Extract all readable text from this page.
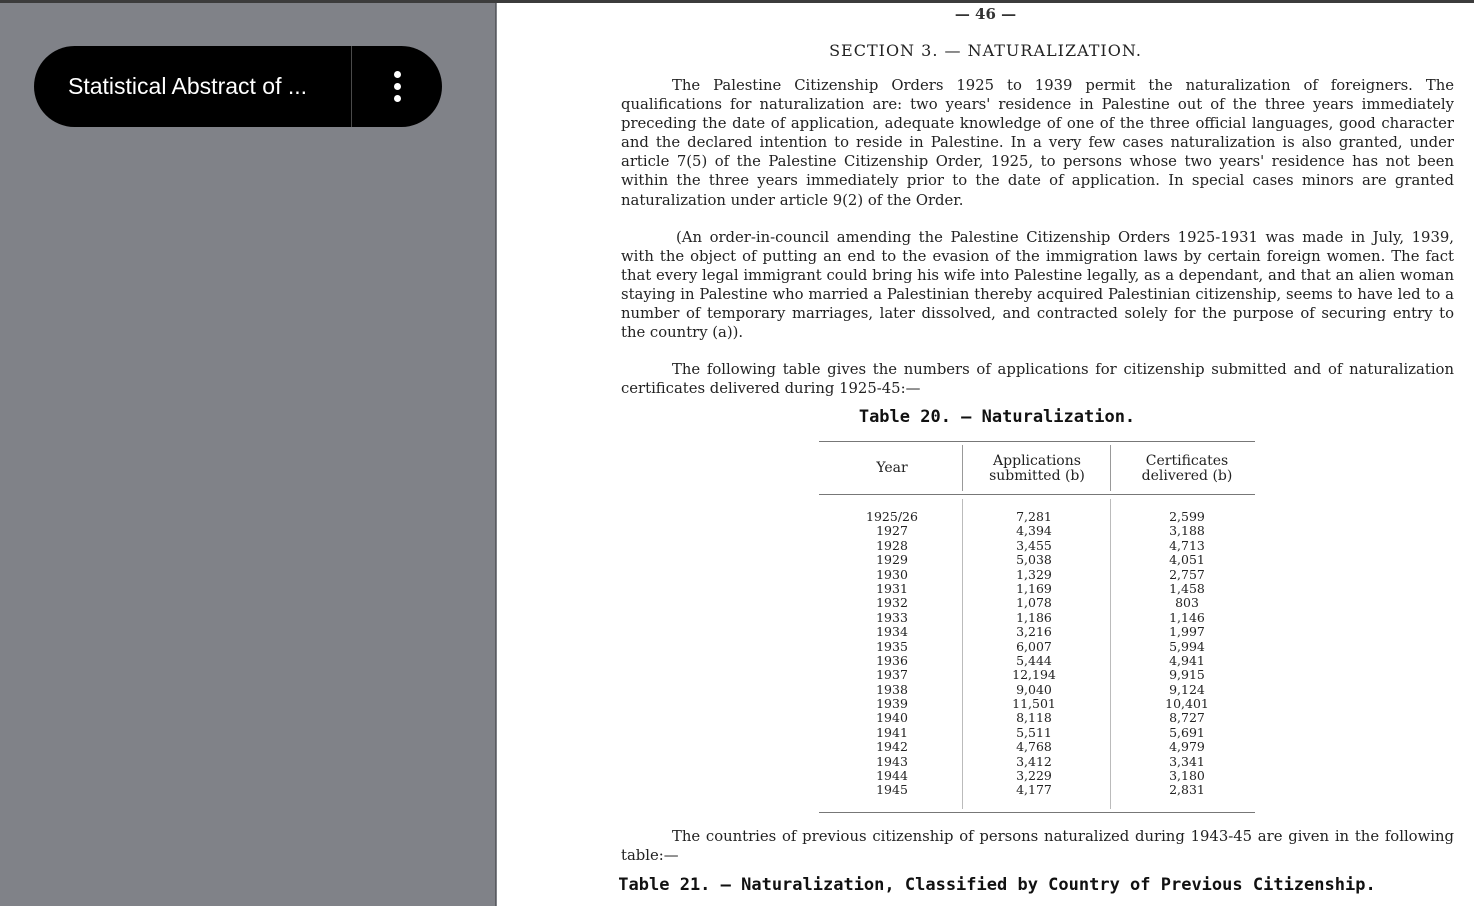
Statistical Abstract of ...
— 46 —
SECTION 3. — NATURALIZATION.

The Palestine Citizenship Orders 1925 to 1939 permit the naturalization of foreigners. The qualifications for naturalization are: two years' residence in Palestine out of the three years immediately preceding the date of application, adequate knowledge of one of the three official languages, good character and the declared intention to reside in Palestine. In a very few cases naturalization is also granted, under article 7(5) of the Palestine Citizenship Order, 1925, to persons whose two years' residence has not been within the three years immediately prior to the date of application. In special cases minors are granted naturalization under article 9(2) of the Order.

(An order-in-council amending the Palestine Citizenship Orders 1925-1931 was made in July, 1939, with the object of putting an end to the evasion of the immigration laws by certain foreign women. The fact that every legal immigrant could bring his wife into Palestine legally, as a dependant, and that an alien woman staying in Palestine who married a Palestinian thereby acquired Palestinian citizenship, seems to have led to a number of temporary marriages, later dissolved, and contracted solely for the purpose of securing entry to the country (a)).

The following table gives the numbers of applications for citizenship submitted and of naturalization certificates delivered during 1925-45:—

Table 20. — Naturalization.
Year	Applications
submitted (b)
Certificates
delivered (b)
1925/26
1927
1928
1929
1930
1931
1932
1933
1934
1935
1936
1937
1938
1939
1940
1941
1942
1943
1944
1945
7,281
4,394
3,455
5,038
1,329
1,169
1,078
1,186
3,216
6,007
5,444
12,194
9,040
11,501
8,118
5,511
4,768
3,412
3,229
4,177
2,599
3,188
4,713
4,051
2,757
1,458
803
1,146
1,997
5,994
4,941
9,915
9,124
10,401
8,727
5,691
4,979
3,341
3,180
2,831

The countries of previous citizenship of persons naturalized during 1943-45 are given in the following table:—

Table 21. — Naturalization, Classified by Country of Previous Citizenship.
